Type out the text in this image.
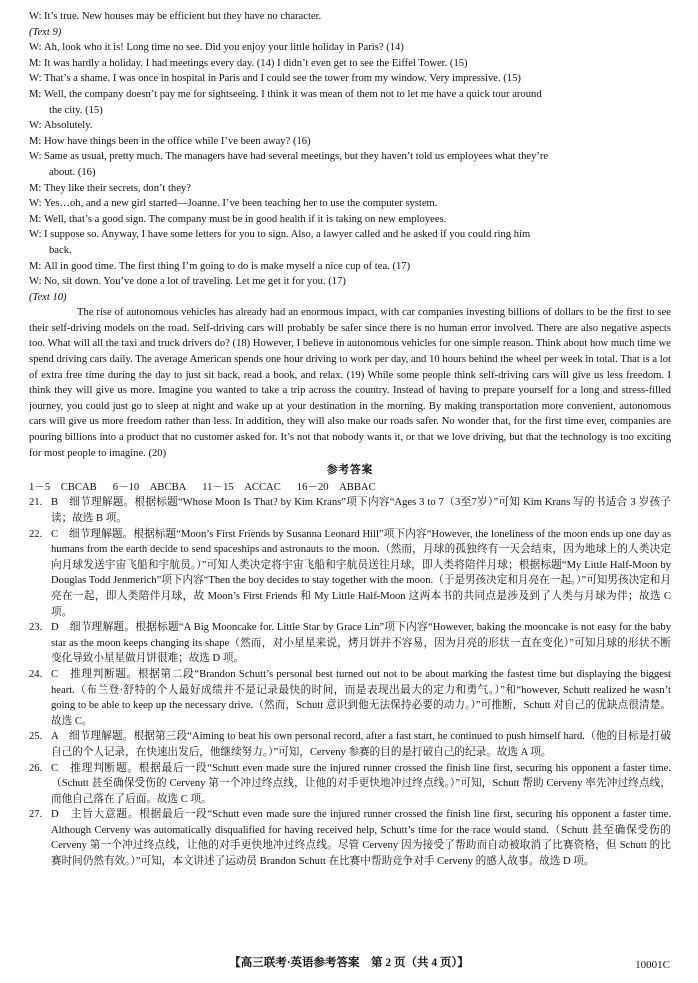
W: It’s true. New houses may be efficient but they have no character.
(Text 9)
W: Ah, look who it is! Long time no see. Did you enjoy your little holiday in Paris? (14)
M: It was hardly a holiday. I had meetings every day. (14) I didn’t even get to see the Eiffel Tower. (15)
W: That’s a shame. I was once in hospital in Paris and I could see the tower from my window. Very impressive. (15)
M: Well, the company doesn’t pay me for sightseeing. I think it was mean of them not to let me have a quick tour around
the city. (15)
W: Absolutely.
M: How have things been in the office while I’ve been away? (16)
W: Same as usual, pretty much. The managers have had several meetings, but they haven’t told us employees what they’re
about. (16)
M: They like their secrets, don’t they?
W: Yes…oh, and a new girl started—Joanne. I’ve been teaching her to use the computer system.
M: Well, that’s a good sign. The company must be in good health if it is taking on new employees.
W: I suppose so. Anyway, I have some letters for you to sign. Also, a lawyer called and he asked if you could ring him
back.
M: All in good time. The first thing I’m going to do is make myself a nice cup of tea. (17)
W: No, sit down. You’ve done a lot of traveling. Let me get it for you. (17)
(Text 10)

The rise of autonomous vehicles has already had an enormous impact, with car companies investing billions of dollars to be the first to see their self-driving models on the road. Self-driving cars will probably be safer since there is no human error involved. There are also negative aspects too. What will all the taxi and truck drivers do? (18) However, I believe in autonomous vehicles for one simple reason. Think about how much time we spend driving cars daily. The average American spends one hour driving to work per day, and 10 hours behind the wheel per week in total. That is a lot of extra free time during the day to just sit back, read a book, and relax. (19) While some people think self-driving cars will give us less freedom. I think they will give us more. Imagine you wanted to take a trip across the country. Instead of having to prepare yourself for a long and stress-filled journey, you could just go to sleep at night and wake up at your destination in the morning. By making transportation more convenient, autonomous cars will give us more freedom rather than less. In addition, they will also make our roads safer. No wonder that, for the first time ever, companies are pouring billions into a product that no customer asked for. It’s not that nobody wants it, or that we love driving, but that the technology is too exciting for most people to imagine. (20)

参考答案
1－5　CBCAB 6－10　ABCBA 11－15　ACCAC 16－20　ABBAC
21. B　细节理解题。根据标题“Whose Moon Is That? by Kim Krans”项下内容“Ages 3 to 7（3至7岁）”可知 Kim Krans 写的书适合 3 岁孩子读；故选 B 项。
22. C　细节理解题。根据标题“Moon’s First Friends by Susanna Leonard Hill”项下内容“However, the loneliness of the moon ends up one day as humans from the earth decide to send spaceships and astronauts to the moon.（然而，月球的孤独终有一天会结束，因为地球上的人类决定向月球发送宇宙飞船和宇航员。）”可知人类决定将宇宙飞船和宇航员送往月球，即人类将陪伴月球；根据标题“My Little Half-Moon by Douglas Todd Jenmerich”项下内容“Then the boy decides to stay together with the moon.（于是男孩决定和月亮在一起。）”可知男孩决定和月亮在一起，即人类陪伴月球，故 Moon’s First Friends 和 My Little Half-Moon 这两本书的共同点是涉及到了人类与月球为伴；故选 C 项。
23. D　细节理解题。根据标题“A Big Mooncake for. Little Star by Grace Lin”项下内容“However, baking the mooncake is not easy for the baby star as the moon keeps changing its shape（然而，对小星星来说，烤月饼并不容易，因为月亮的形状一直在变化）”可知月球的形状不断变化导致小星星做月饼很难；故选 D 项。
24. C　推理判断题。根据第二段“Brandon Schutt’s personal best turned out not to be about marking the fastest time but displaying the biggest heart.（布兰登·舒特的个人最好成绩并不是记录最快的时间，而是表现出最大的定力和勇气。）”和“however, Schutt realized he wasn’t going to be able to keep up the necessary drive.（然而，Schutt 意识到他无法保持必要的动力。）”可推断，Schutt 对自己的优缺点很清楚。故选 C。
25. A　细节理解题。根据第三段“Aiming to beat his own personal record, after a fast start, he continued to push himself hard.（他的目标是打破自己的个人记录，在快速出发后，他继续努力。）”可知，Cerveny 参赛的目的是打破自己的纪录。故选 A 项。
26. C　推理判断题。根据最后一段“Schutt even made sure the injured runner crossed the finish line first, securing his opponent a faster time.（Schutt 甚至确保受伤的 Cerveny 第一个冲过终点线，让他的对手更快地冲过终点线。）”可知，Schutt 帮助 Cerveny 率先冲过终点线，而他自己落在了后面。故选 C 项。
27. D　主旨大意题。根据最后一段“Schutt even made sure the injured runner crossed the finish line first, securing his opponent a faster time. Although Cerveny was automatically disqualified for having received help, Schutt’s time for the race would stand.（Schutt 甚至确保受伤的 Cerveny 第一个冲过终点线，让他的对手更快地冲过终点线。尽管 Cerveny 因为接受了帮助而自动被取消了比赛资格，但 Schutt 的比赛时间仍然有效。）”可知，本文讲述了运动员 Brandon Schutt 在比赛中帮助竞争对手 Cerveny 的感人故事。故选 D 项。
【高三联考·英语参考答案　第 2 页（共 4 页）】	10001C
